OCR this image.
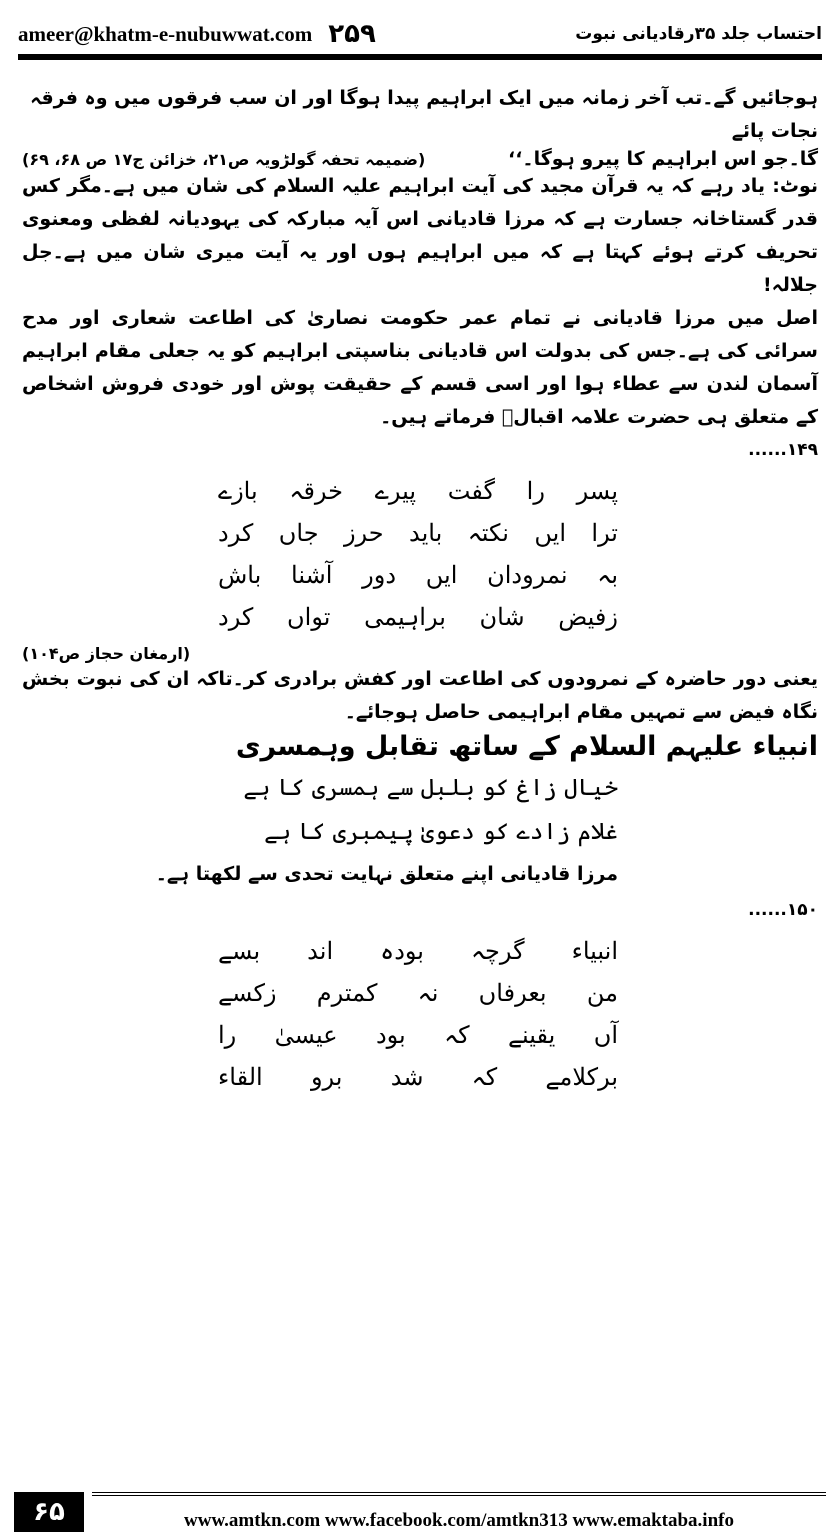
ameer@khatm-e-nubuwwat.com ۲۵۹	احتساب جلد ۳۵رقادیانی نبوت

ہوجائیں گے۔تب آخر زمانہ میں ایک ابراہیم پیدا ہوگا اور ان سب فرقوں میں وہ فرقہ نجات پائے

گا۔جو اس ابراہیم کا پیرو ہوگا۔‘‘
(ضمیمہ تحفہ گولڑویہ ص۲۱، خزائن ج۱۷ ص ۶۸، ۶۹)

نوٹ: یاد رہے کہ یہ قرآن مجید کی آیت ابراہیم علیہ السلام کی شان میں ہے۔مگر کس قدر گستاخانہ جسارت ہے کہ مرزا قادیانی اس آیہ مبارکہ کی یہودیانہ لفظی ومعنوی تحریف کرتے ہوئے کہتا ہے کہ میں ابراہیم ہوں اور یہ آیت میری شان میں ہے۔جل جلالہ!

اصل میں مرزا قادیانی نے تمام عمر حکومت نصاریٰ کی اطاعت شعاری اور مدح سرائی کی ہے۔جس کی بدولت اس قادیانی بناسپتی ابراہیم کو یہ جعلی مقام ابراہیم آسمان لندن سے عطاء ہوا اور اسی قسم کے حقیقت پوش اور خودی فروش اشخاص کے متعلق ہی حضرت علامہ اقبالؒ فرماتے ہیں۔

......۱۴۹
پسر را گفت پیرے خرقہ بازے
ترا ایں نکتہ باید حرز جاں کرد
بہ نمرودان ایں دور آشنا باش
زفیض شان براہیمی تواں کرد
(ارمغان حجاز ص۱۰۴)

یعنی دور حاضرہ کے نمرودوں کی اطاعت اور کفش برادری کر۔تاکہ ان کی نبوت بخش نگاہ فیض سے تمہیں مقام ابراہیمی حاصل ہوجائے۔

انبیاء علیہم السلام کے ساتھ تقابل وہمسری
خیال زاغ کو بلبل سے ہمسری کا ہے
غلام زادے کو دعویٰ پیمبری کا ہے
مرزا قادیانی اپنے متعلق نہایت تحدی سے لکھتا ہے۔
......۱۵۰
انبیاء گرچہ بودہ اند بسے
من بعرفاں نہ کمترم زکسے
آں یقینے کہ بود عیسیٰ را
برکلامے کہ شد برو القاء
۶۵	www.amtkn.com www.facebook.com/amtkn313 www.emaktaba.info
